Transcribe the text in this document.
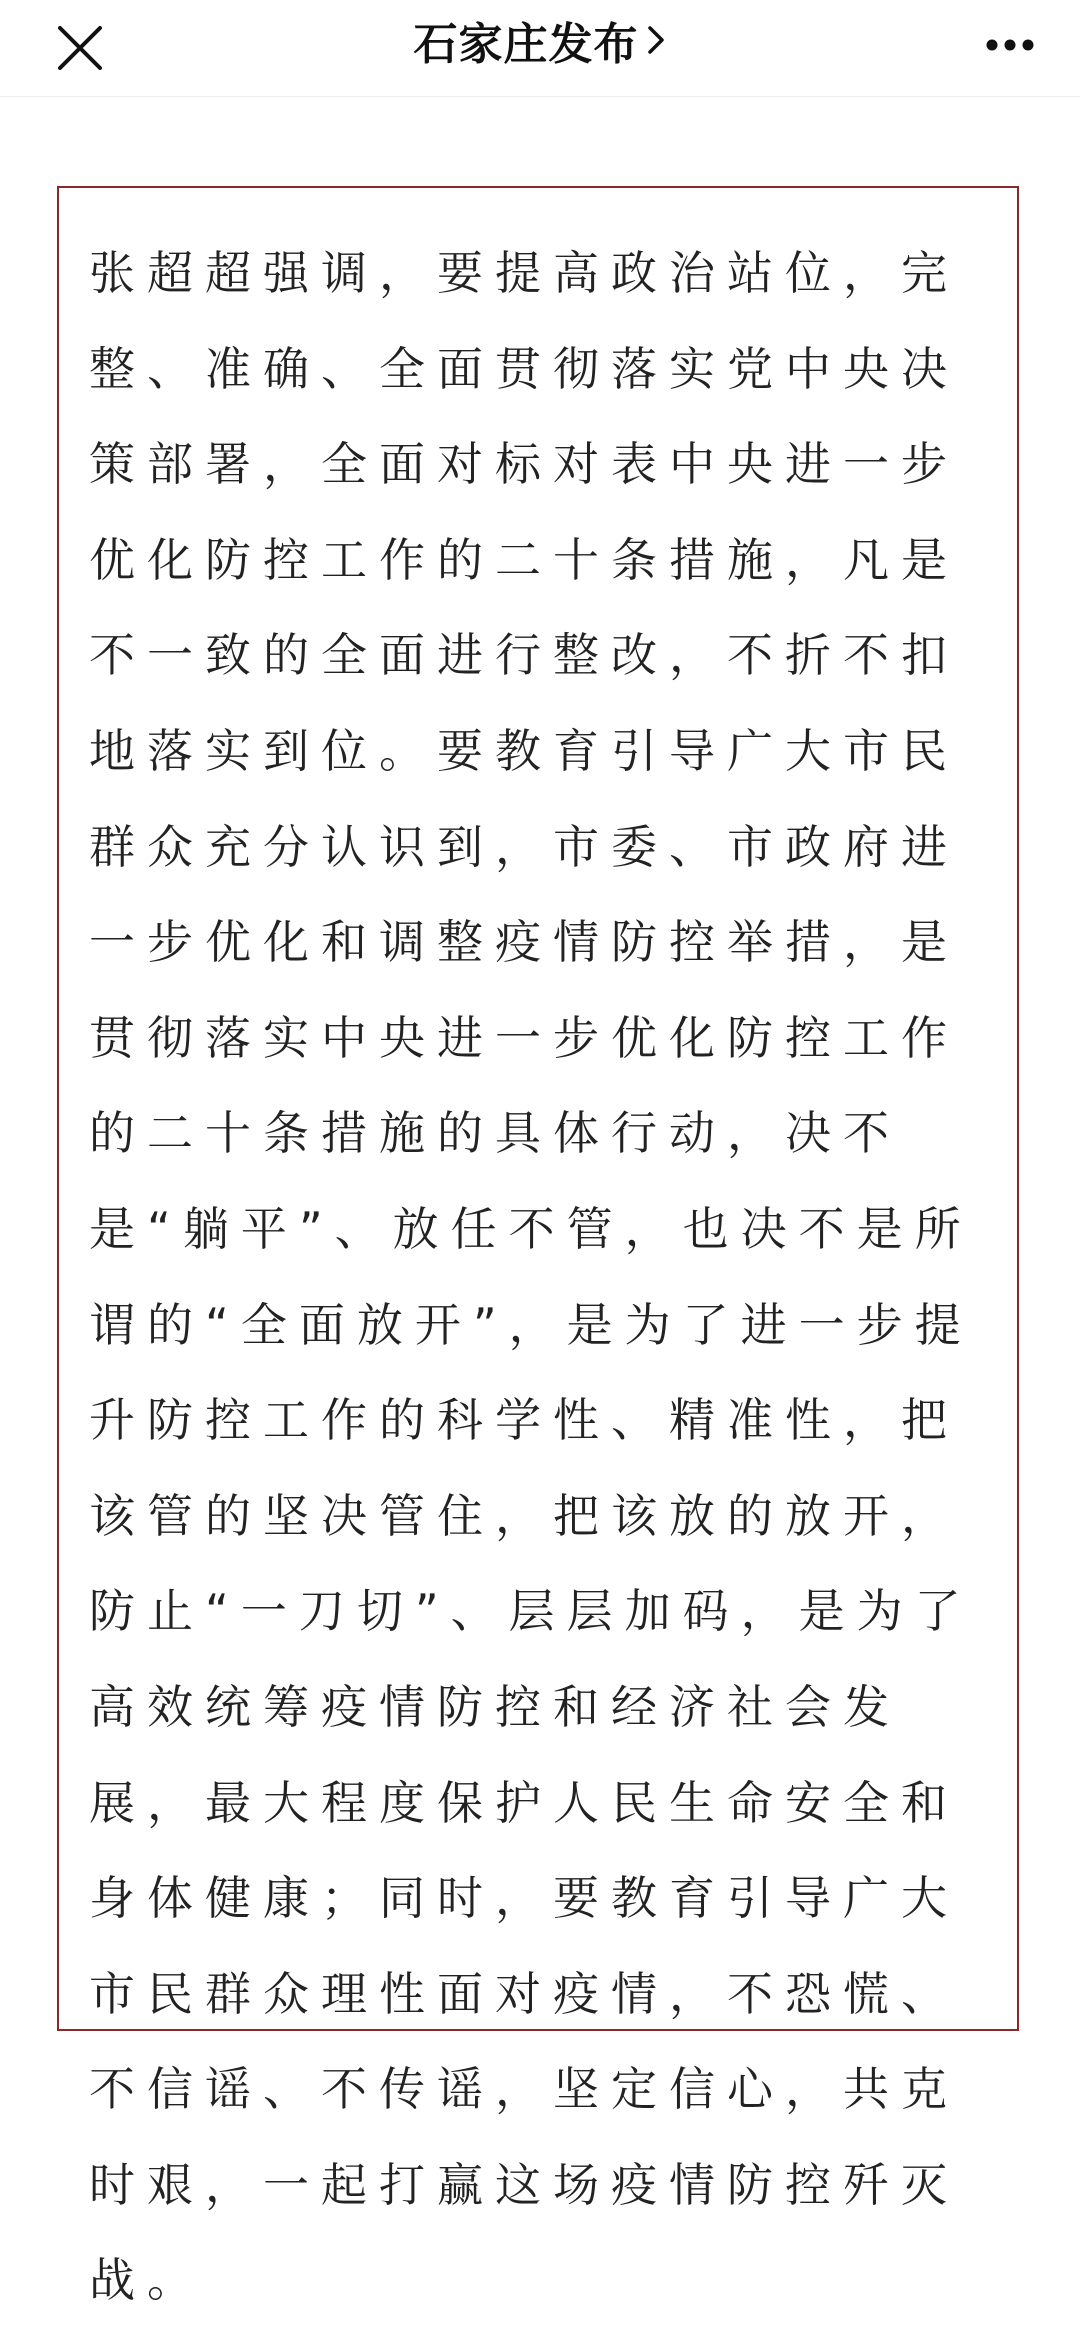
石家庄发布

张超超强调，要提高政治站位，完整、准确、全面贯彻落实党中央决策部署，全面对标对表中央进一步优化防控工作的二十条措施，凡是不一致的全面进行整改，不折不扣地落实到位。要教育引导广大市民群众充分认识到，市委、市政府进一步优化和调整疫情防控举措，是贯彻落实中央进一步优化防控工作的二十条措施的具体行动，决不是“躺平”、放任不管，也决不是所谓的“全面放开”，是为了进一步提升防控工作的科学性、精准性，把该管的坚决管住，把该放的放开，防止“一刀切”、层层加码，是为了高效统筹疫情防控和经济社会发展，最大程度保护人民生命安全和身体健康；同时，要教育引导广大市民群众理性面对疫情，不恐慌、不信谣、不传谣，坚定信心，共克时艰，一起打赢这场疫情防控歼灭战。
